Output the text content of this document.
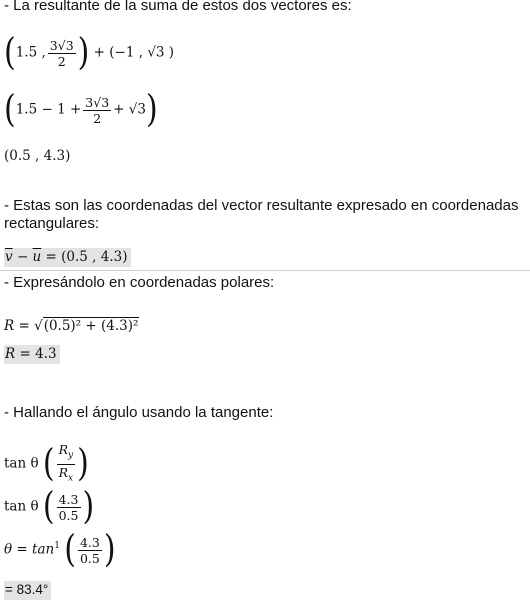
- La resultante de la suma de estos dos vectores es:
(1.5 , $\frac{3√3}{2}$ ) + (−1 , √3 )
$(1.5 - 1 + \frac{3√3}{2} + √3)$
(0.5 , 4.3)
- Estas son las coordenadas del vector resultante expresado en coordenadas rectangulares:
$\overline{v} - \overline{u} = (0.5$ , 4.3)
- Expresándolo en coordenadas polares:
R = √(0.5)² + (4.3)²
R = 4.3
- Hallando el ángulo usando la tangente:
tan θ ( $\frac{R_y}{R_x}$ )
tan θ ( $\frac{4.3}{0.5}$ )
$\theta = \tan^1$ ( $\frac{4.3}{0.5}$ )
= 83.4°
